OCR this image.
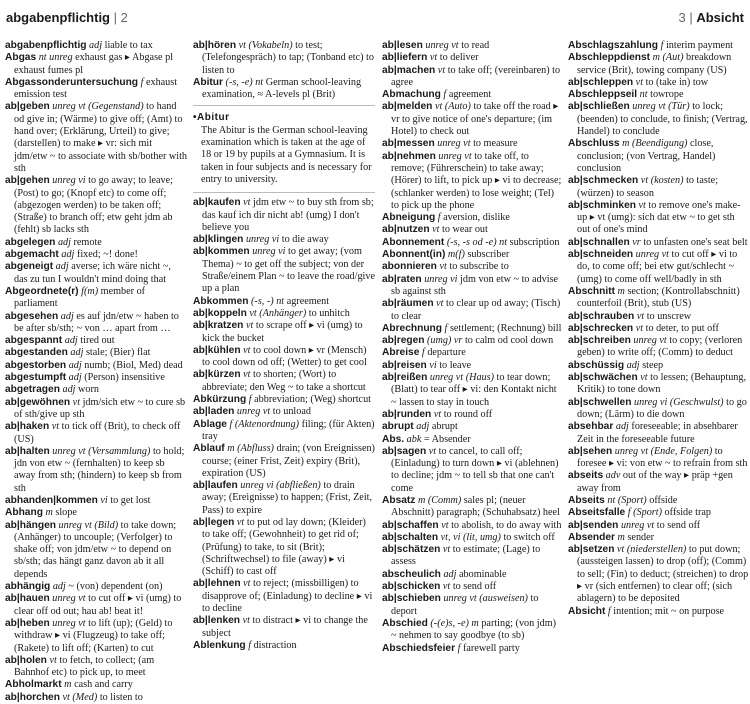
abgabenpflichtig | 2	3 | Absicht

abgabenpflichtig adj liable to tax

Abgas nt unreg exhaust gas ▸ Abgase pl exhaust fumes pl

Abgassonderuntersuchung f exhaust emission test

ab|geben unreg vt (Gegenstand) to hand od give in; (Wärme) to give off; (Amt) to hand over; (Erklärung, Urteil) to give; (darstellen) to make ▸ vr: sich mit jdm/etw ~ to associate with sb/bother with sth

ab|gehen unreg vi to go away; to leave; (Post) to go; (Knopf etc) to come off; (abgezogen werden) to be taken off; (Straße) to branch off; etw geht jdm ab (fehlt) sb lacks sth

abgelegen adj remote

abgemacht adj fixed; ~! done!

abgeneigt adj averse; ich wäre nicht ~, das zu tun I wouldn't mind doing that

Abgeordnete(r) f(m) member of parliament

abgesehen adj es auf jdn/etw ~ haben to be after sb/sth; ~ von … apart from …

abgespannt adj tired out

abgestanden adj stale; (Bier) flat

abgestorben adj numb; (Biol, Med) dead

abgestumpft adj (Person) insensitive

abgetragen adj worn

ab|gewöhnen vt jdm/sich etw ~ to cure sb of sth/give up sth

ab|haken vt to tick off (Brit), to check off (US)

ab|halten unreg vt (Versammlung) to hold; jdn von etw ~ (fernhalten) to keep sb away from sth; (hindern) to keep sb from sth

abhanden|kommen vi to get lost

Abhang m slope

ab|hängen unreg vt (Bild) to take down; (Anhänger) to uncouple; (Verfolger) to shake off; von jdm/etw ~ to depend on sb/sth; das hängt ganz davon ab it all depends

abhängig adj ~ (von) dependent (on)

ab|hauen unreg vt to cut off ▸ vi (umg) to clear off od out; hau ab! beat it!

ab|heben unreg vt to lift (up); (Geld) to withdraw ▸ vi (Flugzeug) to take off; (Rakete) to lift off; (Karten) to cut

ab|holen vt to fetch, to collect; (am Bahnhof etc) to pick up, to meet

Abholmarkt m cash and carry

ab|horchen vt (Med) to listen to

ab|hören vt (Vokabeln) to test; (Telefongespräch) to tap; (Tonband etc) to listen to

Abitur (-s, -e) nt German school-leaving examination, ≈ A-levels pl (Brit)

• Abitur

The Abitur is the German school-leaving examination which is taken at the age of 18 or 19 by pupils at a Gymnasium. It is taken in four subjects and is necessary for entry to university.

ab|kaufen vt jdm etw ~ to buy sth from sb; das kauf ich dir nicht ab! (umg) I don't believe you

ab|klingen unreg vi to die away

ab|kommen unreg vi to get away; (vom Thema) ~ to get off the subject; von der Straße/einem Plan ~ to leave the road/give up a plan

Abkommen (-s, -) nt agreement

ab|koppeln vt (Anhänger) to unhitch

ab|kratzen vt to scrape off ▸ vi (umg) to kick the bucket

ab|kühlen vt to cool down ▸ vr (Mensch) to cool down od off; (Wetter) to get cool

ab|kürzen vt to shorten; (Wort) to abbreviate; den Weg ~ to take a shortcut

Abkürzung f abbreviation; (Weg) shortcut

ab|laden unreg vt to unload

Ablage f (Aktenordnung) filing; (für Akten) tray

Ablauf m (Abfluss) drain; (von Ereignissen) course; (einer Frist, Zeit) expiry (Brit), expiration (US)

ab|laufen unreg vi (abfließen) to drain away; (Ereignisse) to happen; (Frist, Zeit, Pass) to expire

ab|legen vt to put od lay down; (Kleider) to take off; (Gewohnheit) to get rid of; (Prüfung) to take, to sit (Brit); (Schriftwechsel) to file (away) ▸ vi (Schiff) to cast off

ab|lehnen vt to reject; (missbilligen) to disapprove of; (Einladung) to decline ▸ vi to decline

ab|lenken vt to distract ▸ vi to change the subject

Ablenkung f distraction

ab|lesen unreg vt to read

ab|liefern vt to deliver

ab|machen vt to take off; (vereinbaren) to agree

Abmachung f agreement

ab|melden vt (Auto) to take off the road ▸ vr to give notice of one's departure; (im Hotel) to check out

ab|messen unreg vt to measure

ab|nehmen unreg vt to take off, to remove; (Führerschein) to take away; (Hörer) to lift, to pick up ▸ vi to decrease; (schlanker werden) to lose weight; (Tel) to pick up the phone

Abneigung f aversion, dislike

ab|nutzen vt to wear out

Abonnement (-s, -s od -e) nt subscription

Abonnent(in) m(f) subscriber

abonnieren vt to subscribe to

ab|raten unreg vi jdm von etw ~ to advise sb against sth

ab|räumen vt to clear up od away; (Tisch) to clear

Abrechnung f settlement; (Rechnung) bill

ab|regen (umg) vr to calm od cool down

Abreise f departure

ab|reisen vi to leave

ab|reißen unreg vt (Haus) to tear down; (Blatt) to tear off ▸ vi: den Kontakt nicht ~ lassen to stay in touch

ab|runden vt to round off

abrupt adj abrupt

Abs. abk = Absender

ab|sagen vt to cancel, to call off; (Einladung) to turn down ▸ vi (ablehnen) to decline; jdm ~ to tell sb that one can't come

Absatz m (Comm) sales pl; (neuer Abschnitt) paragraph; (Schuhabsatz) heel

ab|schaffen vt to abolish, to do away with

ab|schalten vt, vi (lit, umg) to switch off

ab|schätzen vt to estimate; (Lage) to assess

abscheulich adj abominable

ab|schicken vt to send off

ab|schieben unreg vt (ausweisen) to deport

Abschied (-(e)s, -e) m parting; (von jdm) ~ nehmen to say goodbye (to sb)

Abschiedsfeier f farewell party

Abschlagszahlung f interim payment

Abschleppdienst m (Aut) breakdown service (Brit), towing company (US)

ab|schleppen vt to (take in) tow

Abschleppseil nt towrope

ab|schließen unreg vt (Tür) to lock; (beenden) to conclude, to finish; (Vertrag, Handel) to conclude

Abschluss m (Beendigung) close, conclusion; (von Vertrag, Handel) conclusion

ab|schmecken vt (kosten) to taste; (würzen) to season

ab|schminken vt to remove one's make-up ▸ vt (umg): sich dat etw ~ to get sth out of one's mind

ab|schnallen vr to unfasten one's seat belt

ab|schneiden unreg vt to cut off ▸ vi to do, to come off; bei etw gut/schlecht ~ (umg) to come off well/badly in sth

Abschnitt m section; (Kontrollabschnitt) counterfoil (Brit), stub (US)

ab|schrauben vt to unscrew

ab|schrecken vt to deter, to put off

ab|schreiben unreg vt to copy; (verloren geben) to write off; (Comm) to deduct

abschüssig adj steep

ab|schwächen vt to lessen; (Behauptung, Kritik) to tone down

ab|schwellen unreg vi (Geschwulst) to go down; (Lärm) to die down

absehbar adj foreseeable; in absehbarer Zeit in the foreseeable future

ab|sehen unreg vt (Ende, Folgen) to foresee ▸ vi: von etw ~ to refrain from sth

abseits adv out of the way ▸ präp +gen away from

Abseits nt (Sport) offside

Abseitsfalle f (Sport) offside trap

ab|senden unreg vt to send off

Absender m sender

ab|setzen vt (niederstellen) to put down; (aussteigen lassen) to drop (off); (Comm) to sell; (Fin) to deduct; (streichen) to drop ▸ vr (sich entfernen) to clear off; (sich ablagern) to be deposited

Absicht f intention; mit ~ on purpose
